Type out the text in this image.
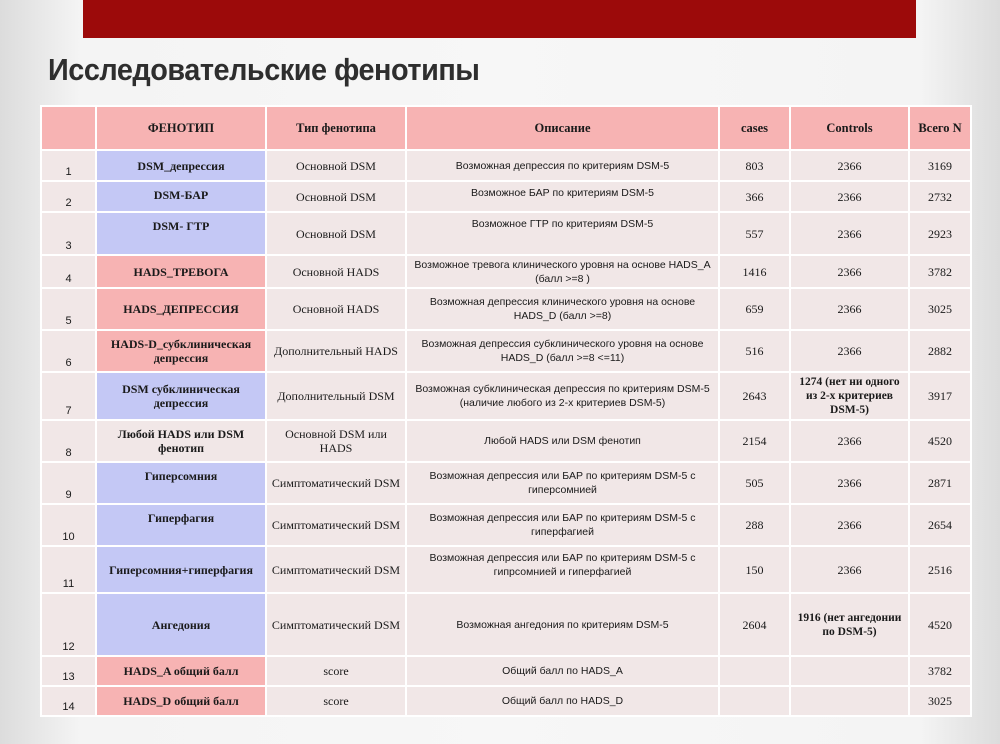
Исследовательские фенотипы
	ФЕНОТИП	Тип фенотипа	Описание	cases	Controls	Всего N
1	DSM_депрессия	Основной DSM	Возможная депрессия по критериям DSM-5	803	2366	3169
2	DSM-БАР	Основной DSM	Возможное БАР по критериям DSM-5	366	2366	2732
3	DSM- ГТР	Основной DSM	Возможное ГТР по критериям DSM-5	557	2366	2923
4	HADS_ТРЕВОГА	Основной HADS	Возможное тревога клинического уровня на основе HADS_A (балл >=8 )	1416	2366	3782
5	HADS_ДЕПРЕССИЯ	Основной HADS	Возможная депрессия клинического уровня на основе HADS_D (балл >=8)	659	2366	3025
6	HADS-D_субклиническая депрессия	Дополнительный HADS	Возможная депрессия субклинического уровня на основе HADS_D (балл >=8 <=11)	516	2366	2882
7	DSM субклиническая депрессия	Дополнительный DSM	Возможная субклиническая депрессия по критериям DSM-5 (наличие любого из 2-х критериев DSM-5)	2643	1274 (нет ни одного из 2-х критериев DSM-5)	3917
8	Любой HADS или DSM фенотип	Основной DSM или HADS	Любой HADS или DSM фенотип	2154	2366	4520
9	Гиперсомния	Симптоматический DSM	Возможная депрессия или БАР по критериям DSM-5 с гиперсомнией	505	2366	2871
10	Гиперфагия	Симптоматический DSM	Возможная депрессия или БАР по критериям DSM-5 с гиперфагией	288	2366	2654
11	Гиперсомния+гиперфагия	Симптоматический DSM	Возможная депрессия или БАР по критериям DSM-5 с гипрсомнией и гиперфагией	150	2366	2516
12	Ангедония	Симптоматический DSM	Возможная ангедония по критериям DSM-5	2604	1916 (нет ангедонии по DSM-5)	4520
13	HADS_A общий балл	score	Общий балл по HADS_A			3782
14	HADS_D общий балл	score	Общий балл по HADS_D			3025
